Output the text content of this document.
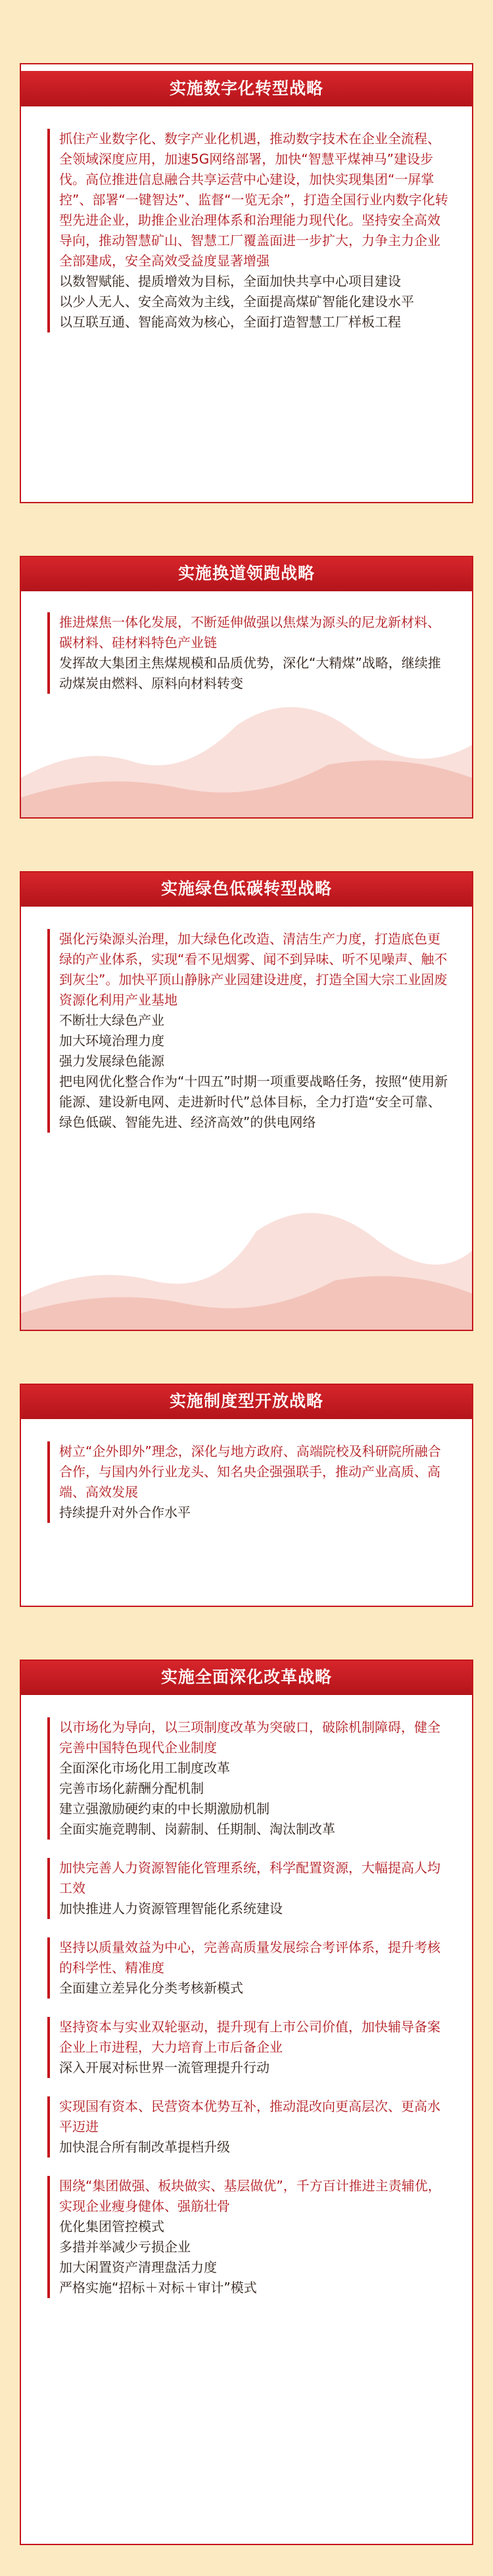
实施数字化转型战略

抓住产业数字化、数字产业化机遇，推动数字技术在企业全流程、全领域深度应用，加速5G网络部署，加快“智慧平煤神马”建设步伐。高位推进信息融合共享运营中心建设，加快实现集团“一屏掌控”、部署“一键智达”、监督“一览无余”，打造全国行业内数字化转型先进企业，助推企业治理体系和治理能力现代化。坚持安全高效导向，推动智慧矿山、智慧工厂覆盖面进一步扩大，力争主力企业全部建成，安全高效受益度显著增强

以数智赋能、提质增效为目标，全面加快共享中心项目建设

以少人无人、安全高效为主线，全面提高煤矿智能化建设水平

以互联互通、智能高效为核心，全面打造智慧工厂样板工程

实施换道领跑战略

推进煤焦一体化发展，不断延伸做强以焦煤为源头的尼龙新材料、碳材料、硅材料特色产业链

发挥故大集团主焦煤规模和品质优势，深化“大精煤”战略，继续推动煤炭由燃料、原料向材料转变

实施绿色低碳转型战略

强化污染源头治理，加大绿色化改造、清洁生产力度，打造底色更绿的产业体系，实现“看不见烟雾、闻不到异味、听不见噪声、触不到灰尘”。加快平顶山静脉产业园建设进度，打造全国大宗工业固废资源化利用产业基地

不断壮大绿色产业

加大环境治理力度

强力发展绿色能源

把电网优化整合作为“十四五”时期一项重要战略任务，按照“使用新能源、建设新电网、走进新时代”总体目标，全力打造“安全可靠、绿色低碳、智能先进、经济高效”的供电网络

实施制度型开放战略

树立“企外即外”理念，深化与地方政府、高端院校及科研院所融合合作，与国内外行业龙头、知名央企强强联手，推动产业高质、高端、高效发展

持续提升对外合作水平

实施全面深化改革战略

以市场化为导向，以三项制度改革为突破口，破除机制障碍，健全完善中国特色现代企业制度

全面深化市场化用工制度改革

完善市场化薪酬分配机制

建立强激励硬约束的中长期激励机制

全面实施竞聘制、岗薪制、任期制、淘汰制改革

加快完善人力资源智能化管理系统，科学配置资源，大幅提高人均工效

加快推进人力资源管理智能化系统建设

坚持以质量效益为中心，完善高质量发展综合考评体系，提升考核的科学性、精准度

全面建立差异化分类考核新模式

坚持资本与实业双轮驱动，提升现有上市公司价值，加快辅导备案企业上市进程，大力培育上市后备企业

深入开展对标世界一流管理提升行动

实现国有资本、民营资本优势互补，推动混改向更高层次、更高水平迈进

加快混合所有制改革提档升级

围绕“集团做强、板块做实、基层做优”，千方百计推进主责辅优，实现企业瘦身健体、强筋壮骨

优化集团管控模式

多措并举减少亏损企业

加大闲置资产清理盘活力度

严格实施“招标＋对标＋审计”模式
